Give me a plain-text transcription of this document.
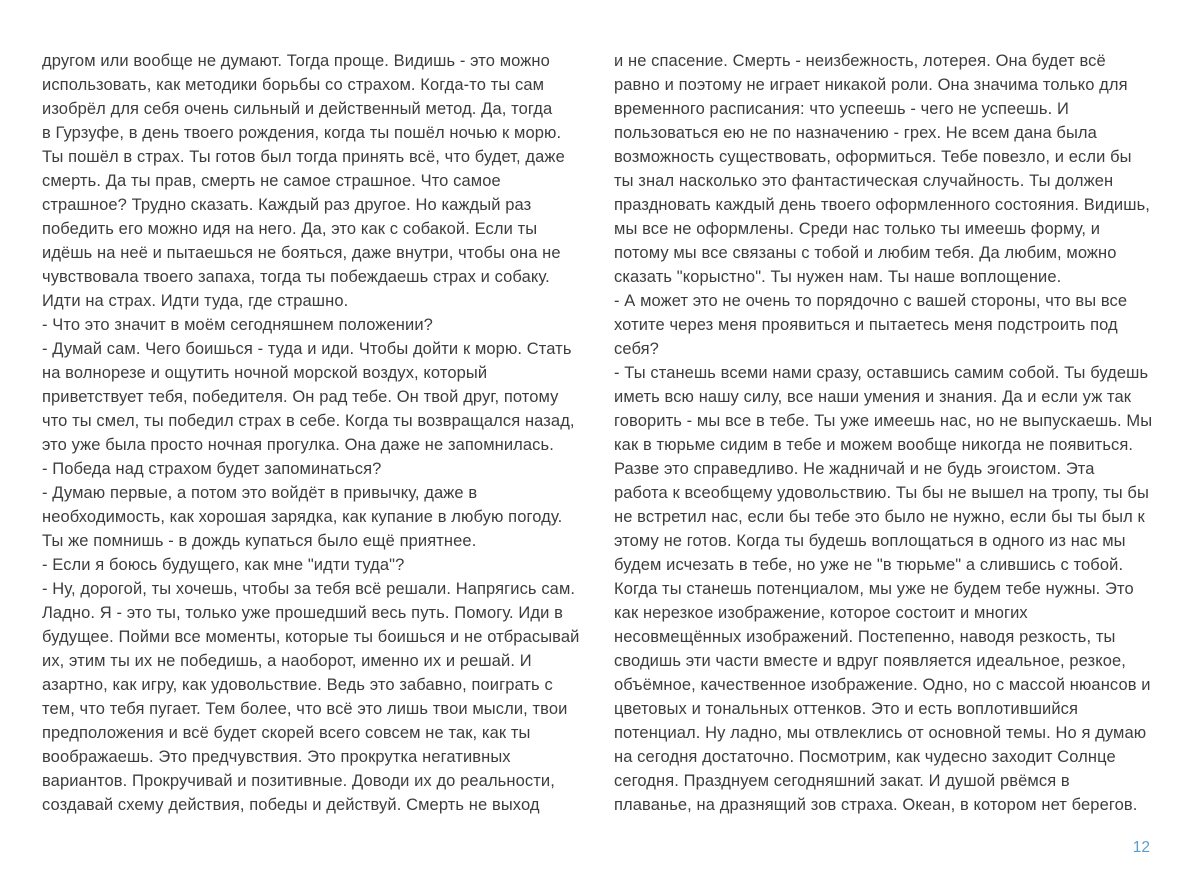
другом или вообще не думают. Тогда проще. Видишь - это можно
использовать, как методики борьбы со страхом. Когда-то ты сам
изобрёл для себя очень сильный и действенный метод. Да, тогда
в Гурзуфе, в день твоего рождения, когда ты пошёл ночью к морю.
Ты пошёл в страх. Ты готов был тогда принять всё, что будет, даже
смерть. Да ты прав, смерть не самое страшное. Что самое
страшное? Трудно сказать. Каждый раз другое. Но каждый раз
победить его можно идя на него. Да, это как с собакой. Если ты
идёшь на неё и пытаешься не бояться, даже внутри, чтобы она не
чувствовала твоего запаха, тогда ты побеждаешь страх и собаку.
Идти на страх. Идти туда, где страшно.
- Что это значит в моём сегодняшнем положении?
- Думай сам. Чего боишься - туда и иди. Чтобы дойти к морю. Стать
на волнорезе и ощутить ночной морской воздух, который
приветствует тебя, победителя. Он рад тебе. Он твой друг, потому
что ты смел, ты победил страх в себе. Когда ты возвращался назад,
это уже была просто ночная прогулка. Она даже не запомнилась.
- Победа над страхом будет запоминаться?
- Думаю первые, а потом это войдёт в привычку, даже в
необходимость, как хорошая зарядка, как купание в любую погоду.
Ты же помнишь - в дождь купаться было ещё приятнее.
- Если я боюсь будущего, как мне "идти туда"?
- Ну, дорогой, ты хочешь, чтобы за тебя всё решали. Напрягись сам.
Ладно. Я - это ты, только уже прошедший весь путь. Помогу. Иди в
будущее. Пойми все моменты, которые ты боишься и не отбрасывай
их, этим ты их не победишь, а наоборот, именно их и решай. И
азартно, как игру, как удовольствие. Ведь это забавно, поиграть с
тем, что тебя пугает. Тем более, что всё это лишь твои мысли, твои
предположения и всё будет скорей всего совсем не так, как ты
воображаешь. Это предчувствия. Это прокрутка негативных
вариантов. Прокручивай и позитивные. Доводи их до реальности,
создавай схему действия, победы и действуй. Смерть не выход
и не спасение. Смерть - неизбежность, лотерея. Она будет всё
равно и поэтому не играет никакой роли. Она значима только для
временного расписания: что успеешь - чего не успеешь. И
пользоваться ею не по назначению - грех. Не всем дана была
возможность существовать, оформиться. Тебе повезло, и если бы
ты знал насколько это фантастическая случайность. Ты должен
праздновать каждый день твоего оформленного состояния. Видишь,
мы все не оформлены. Среди нас только ты имеешь форму, и
потому мы все связаны с тобой и любим тебя. Да любим, можно
сказать "корыстно". Ты нужен нам. Ты наше воплощение.
- А может это не очень то порядочно с вашей стороны, что вы все
хотите через меня проявиться и пытаетесь меня подстроить под
себя?
- Ты станешь всеми нами сразу, оставшись самим собой. Ты будешь
иметь всю нашу силу, все наши умения и знания. Да и если уж так
говорить - мы все в тебе. Ты уже имеешь нас, но не выпускаешь. Мы
как в тюрьме сидим в тебе и можем вообще никогда не появиться.
Разве это справедливо. Не жадничай и не будь эгоистом. Эта
работа к всеобщему удовольствию. Ты бы не вышел на тропу, ты бы
не встретил нас, если бы тебе это было не нужно, если бы ты был к
этому не готов. Когда ты будешь воплощаться в одного из нас мы
будем исчезать в тебе, но уже не "в тюрьме" а слившись с тобой.
Когда ты станешь потенциалом, мы уже не будем тебе нужны. Это
как нерезкое изображение, которое состоит и многих
несовмещённых изображений. Постепенно, наводя резкость, ты
сводишь эти части вместе и вдруг появляется идеальное, резкое,
объёмное, качественное изображение. Одно, но с массой нюансов и
цветовых и тональных оттенков. Это и есть воплотившийся
потенциал. Ну ладно, мы отвлеклись от основной темы. Но я думаю
на сегодня достаточно. Посмотрим, как чудесно заходит Солнце
сегодня. Празднуем сегодняшний закат. И душой рвёмся в
плаванье, на дразнящий зов страха. Океан, в котором нет берегов.
12
